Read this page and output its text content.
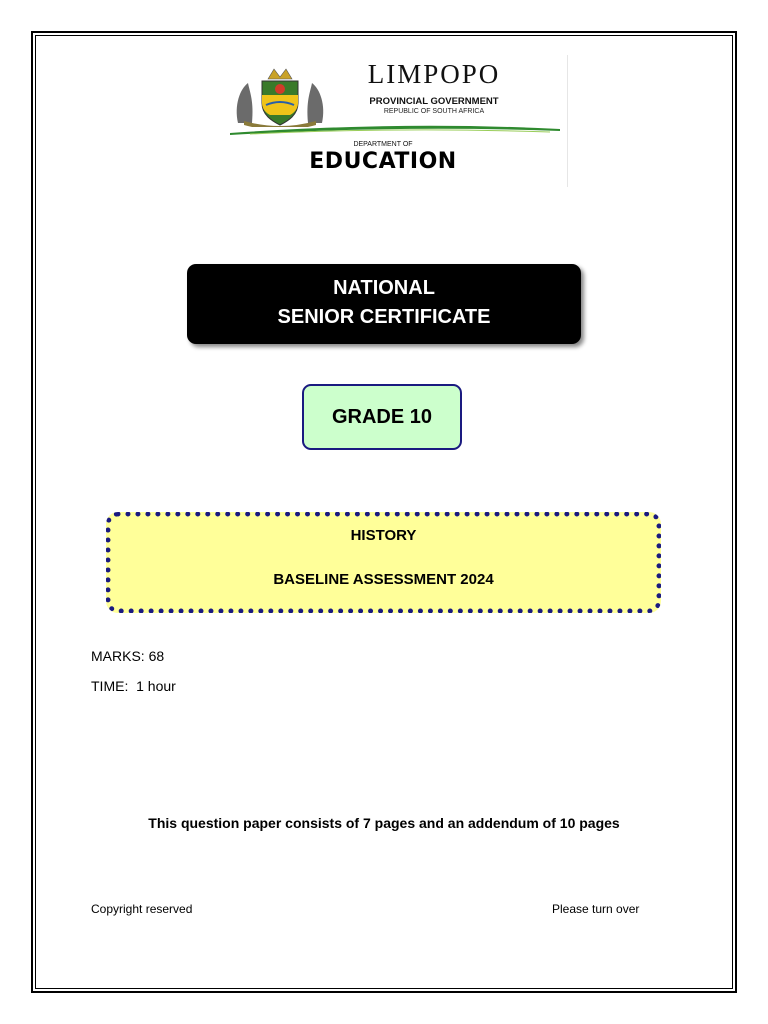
LIMPOPO
PROVINCIAL GOVERNMENT
REPUBLIC OF SOUTH AFRICA
DEPARTMENT OF
EDUCATION
NATIONAL
SENIOR CERTIFICATE
GRADE 10
HISTORY
BASELINE ASSESSMENT 2024
MARKS: 68
TIME:  1 hour
This question paper consists of 7 pages and an addendum of 10 pages
Copyright reserved	Please turn over
